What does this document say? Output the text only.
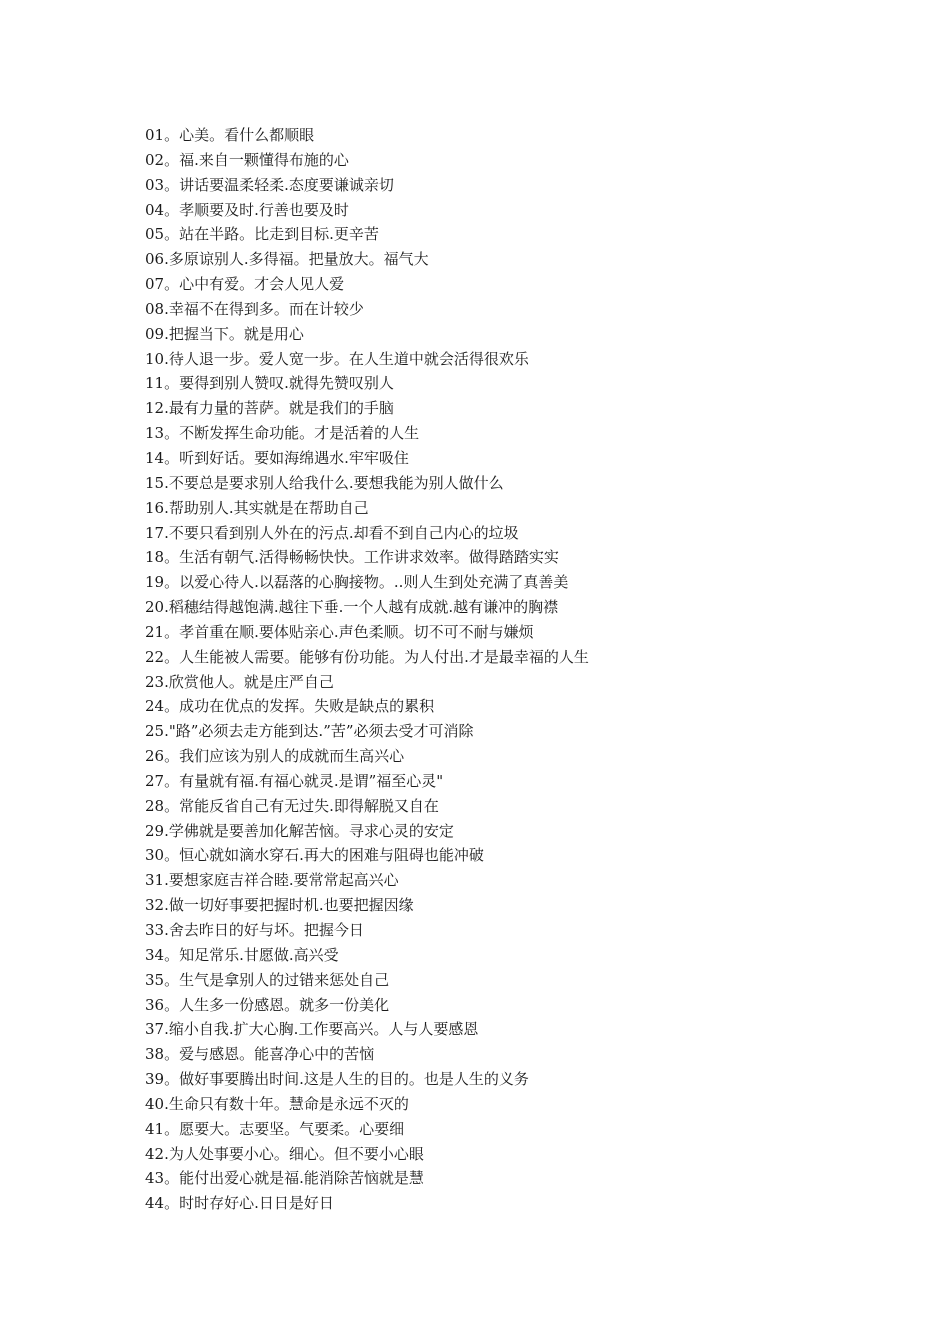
01。心美。看什么都顺眼
02。福.来自一颗懂得布施的心
03。讲话要温柔轻柔.态度要谦诚亲切
04。孝顺要及时.行善也要及时
05。站在半路。比走到目标.更辛苦
06.多原谅别人.多得福。把量放大。福气大
07。心中有爱。才会人见人爱
08.幸福不在得到多。而在计较少
09.把握当下。就是用心
10.待人退一步。爱人宽一步。在人生道中就会活得很欢乐
11。要得到别人赞叹.就得先赞叹别人
12.最有力量的菩萨。就是我们的手脑
13。不断发挥生命功能。才是活着的人生
14。听到好话。要如海绵遇水.牢牢吸住
15.不要总是要求别人给我什么.要想我能为别人做什么
16.帮助别人.其实就是在帮助自己
17.不要只看到别人外在的污点.却看不到自己内心的垃圾
18。生活有朝气.活得畅畅快快。工作讲求效率。做得踏踏实实
19。以爱心待人.以磊落的心胸接物。..则人生到处充满了真善美
20.稻穗结得越饱满.越往下垂.一个人越有成就.越有谦冲的胸襟
21。孝首重在顺.要体贴亲心.声色柔顺。切不可不耐与嫌烦
22。人生能被人需要。能够有份功能。为人付出.才是最幸福的人生
23.欣赏他人。就是庄严自己
24。成功在优点的发挥。失败是缺点的累积
25."路”必须去走方能到达.”苦”必须去受才可消除
26。我们应该为别人的成就而生高兴心
27。有量就有福.有福心就灵.是谓”福至心灵"
28。常能反省自己有无过失.即得解脱又自在
29.学佛就是要善加化解苦恼。寻求心灵的安定
30。恒心就如滴水穿石.再大的困难与阻碍也能冲破
31.要想家庭吉祥合睦.要常常起高兴心
32.做一切好事要把握时机.也要把握因缘
33.舍去昨日的好与坏。把握今日
34。知足常乐.甘愿做.高兴受
35。生气是拿别人的过错来惩处自己
36。人生多一份感恩。就多一份美化
37.缩小自我.扩大心胸.工作要高兴。人与人要感恩
38。爱与感恩。能喜净心中的苦恼
39。做好事要腾出时间.这是人生的目的。也是人生的义务
40.生命只有数十年。慧命是永远不灭的
41。愿要大。志要坚。气要柔。心要细
42.为人处事要小心。细心。但不要小心眼
43。能付出爱心就是福.能消除苦恼就是慧
44。时时存好心.日日是好日
